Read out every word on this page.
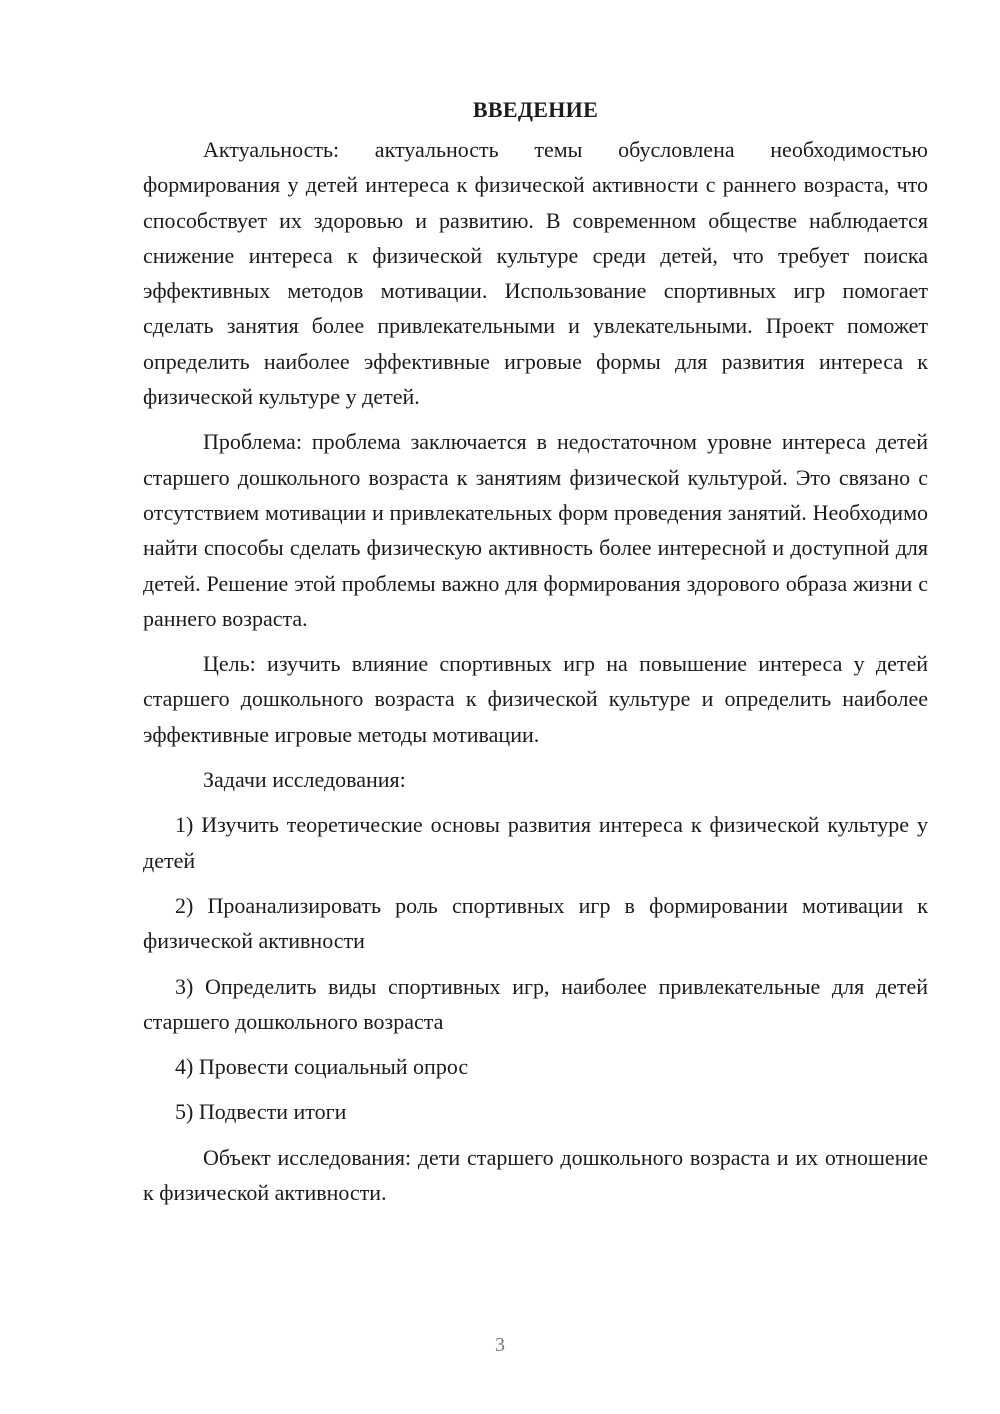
ВВЕДЕНИЕ

Актуальность: актуальность темы обусловлена необходимостью формирования у детей интереса к физической активности с раннего возраста, что способствует их здоровью и развитию. В современном обществе наблюдается снижение интереса к физической культуре среди детей, что требует поиска эффективных методов мотивации. Использование спортивных игр помогает сделать занятия более привлекательными и увлекательными. Проект поможет определить наиболее эффективные игровые формы для развития интереса к физической культуре у детей.

Проблема: проблема заключается в недостаточном уровне интереса детей старшего дошкольного возраста к занятиям физической культурой. Это связано с отсутствием мотивации и привлекательных форм проведения занятий. Необходимо найти способы сделать физическую активность более интересной и доступной для детей. Решение этой проблемы важно для формирования здорового образа жизни с раннего возраста.

Цель: изучить влияние спортивных игр на повышение интереса у детей старшего дошкольного возраста к физической культуре и определить наиболее эффективные игровые методы мотивации.

Задачи исследования:

1) Изучить теоретические основы развития интереса к физической культуре у детей

2) Проанализировать роль спортивных игр в формировании мотивации к физической активности

3) Определить виды спортивных игр, наиболее привлекательные для детей старшего дошкольного возраста

4) Провести социальный опрос

5) Подвести итоги

Объект исследования: дети старшего дошкольного возраста и их отношение к физической активности.

3
